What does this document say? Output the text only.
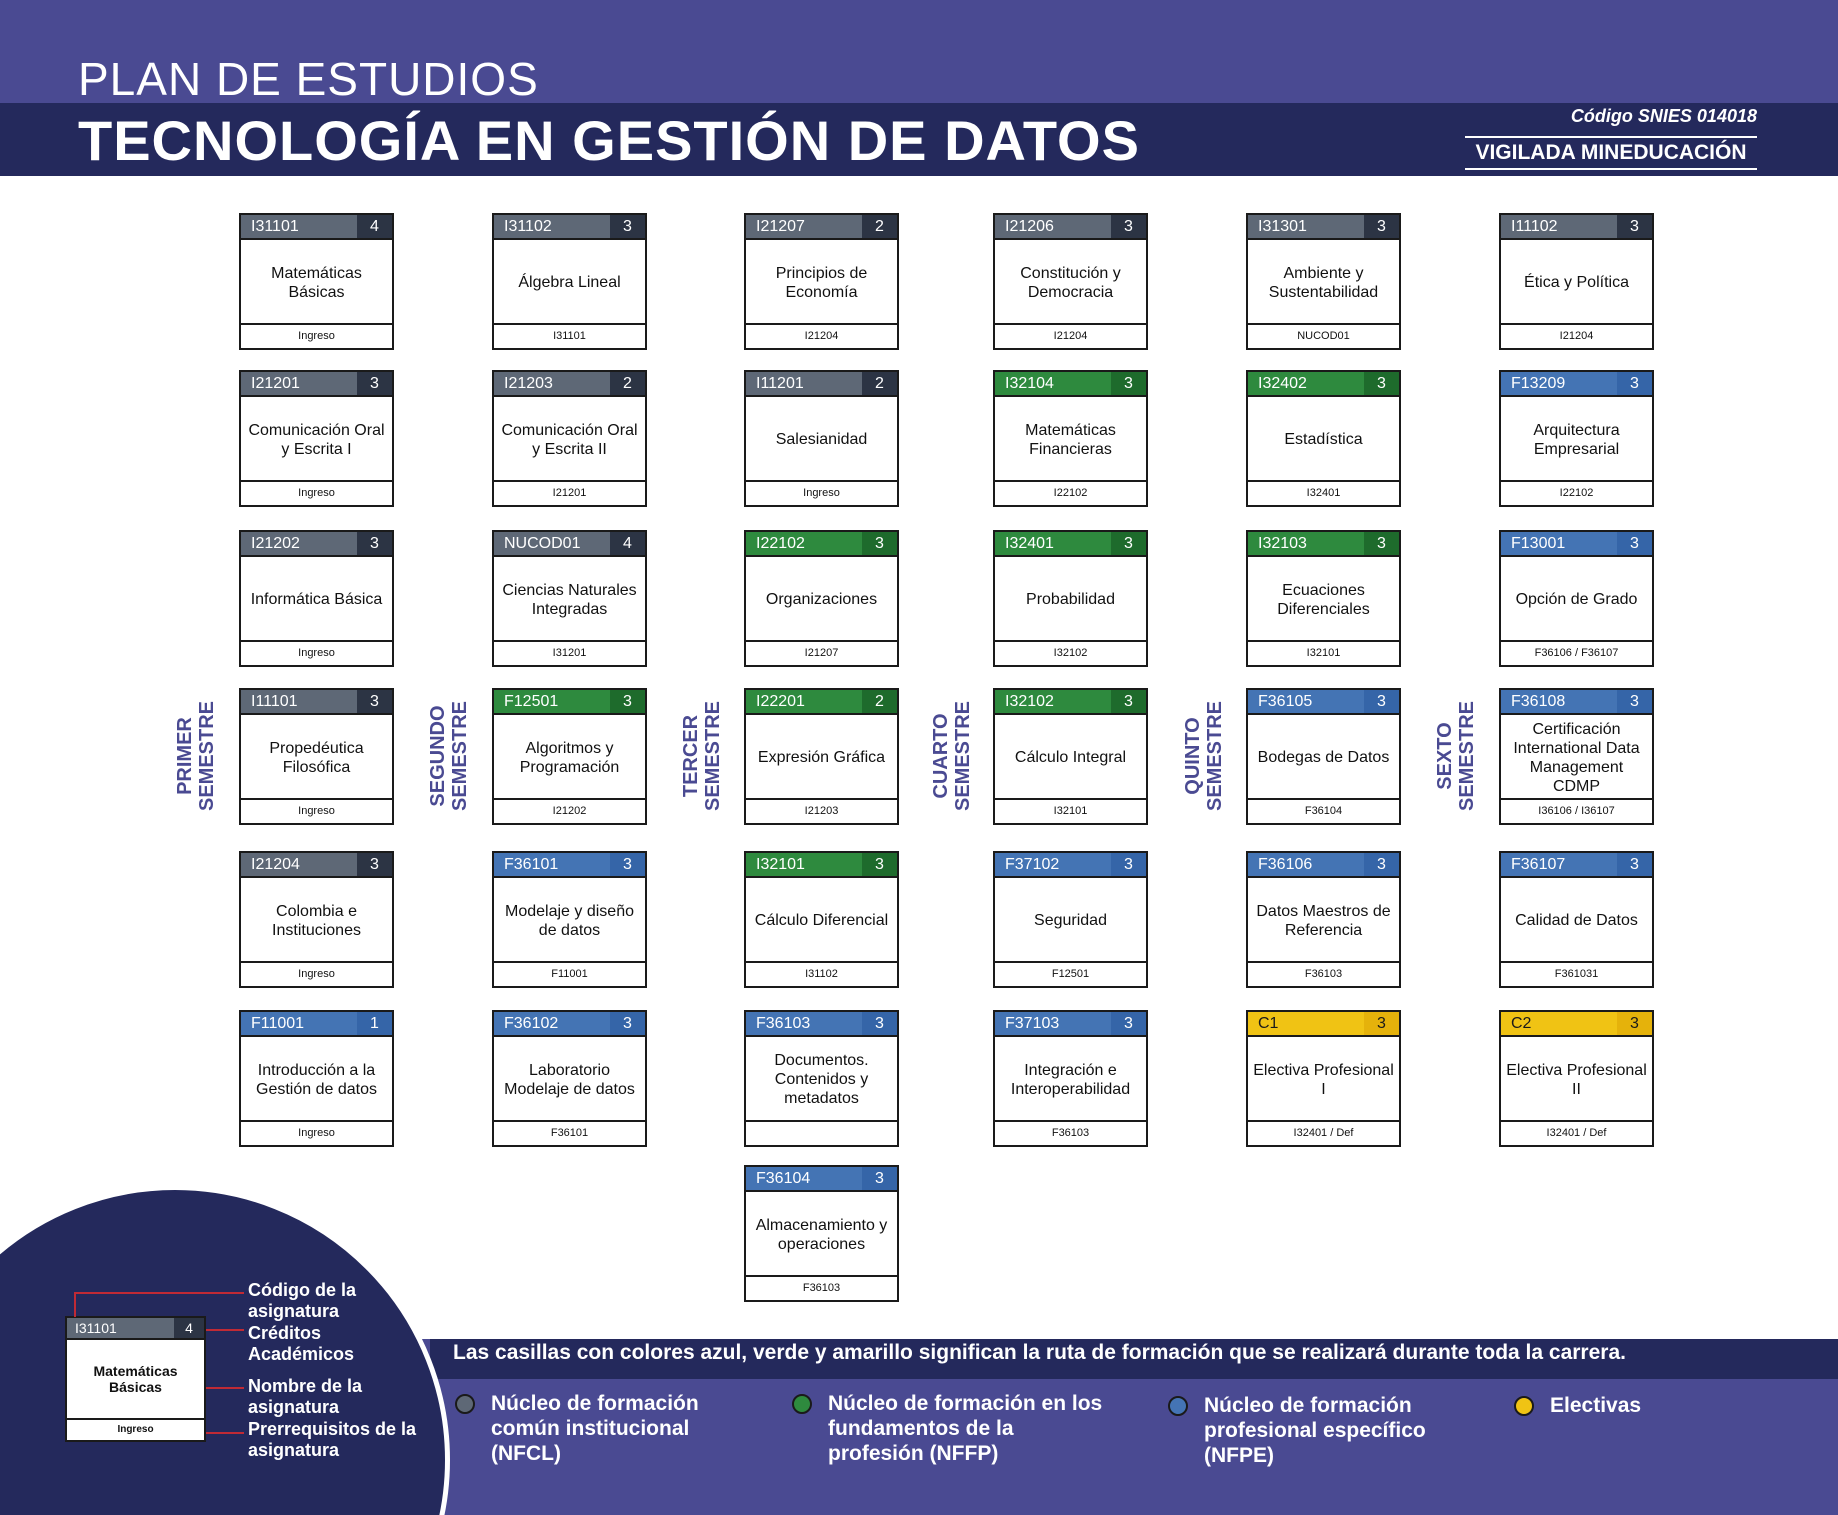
PLAN DE ESTUDIOS
TECNOLOGÍA EN GESTIÓN DE DATOS	Código SNIES 014018
VIGILADA MINEDUCACIÓN
PRIMER
SEMESTRE
I31101	4
Matemáticas Básicas
Ingreso
I21201	3
Comunicación Oral y Escrita I
Ingreso
I21202	3
Informática Básica
Ingreso
I11101	3
Propedéutica Filosófica
Ingreso
I21204	3
Colombia e Instituciones
Ingreso
F11001	1
Introducción a la Gestión de datos
Ingreso
SEGUNDO
SEMESTRE
I31102	3
Álgebra Lineal
I31101
I21203	2
Comunicación Oral y Escrita II
I21201
NUCOD01	4
Ciencias Naturales Integradas
I31201
F12501	3
Algoritmos y Programación
I21202
F36101	3
Modelaje y diseño de datos
F11001
F36102	3
Laboratorio Modelaje de datos
F36101
TERCER
SEMESTRE
I21207	2
Principios de Economía
I21204
I11201	2
Salesianidad
Ingreso
I22102	3
Organizaciones
I21207
I22201	2
Expresión Gráfica
I21203
I32101	3
Cálculo Diferencial
I31102
F36103	3
Documentos. Contenidos y metadatos
F36104	3
Almacenamiento y operaciones
F36103
CUARTO
SEMESTRE
I21206	3
Constitución y Democracia
I21204
I32104	3
Matemáticas Financieras
I22102
I32401	3
Probabilidad
I32102
I32102	3
Cálculo Integral
I32101
F37102	3
Seguridad
F12501
F37103	3
Integración e Interoperabilidad
F36103
QUINTO
SEMESTRE
I31301	3
Ambiente y Sustentabilidad
NUCOD01
I32402	3
Estadística
I32401
I32103	3
Ecuaciones Diferenciales
I32101
F36105	3
Bodegas de Datos
F36104
F36106	3
Datos Maestros de Referencia
F36103
C1	3
Electiva Profesional I
I32401 / Def
SEXTO
SEMESTRE
I11102	3
Ética y Política
I21204
F13209	3
Arquitectura Empresarial
I22102
F13001	3
Opción de Grado
F36106 / F36107
F36108	3
Certificación International Data Management CDMP
I36106 / I36107
F36107	3
Calidad de Datos
F361031
C2	3
Electiva Profesional II
I32401 / Def
Las casillas con colores azul, verde y amarillo significan la ruta de formación que se realizará durante toda la carrera.
Núcleo de formación común institucional (NFCL)
Núcleo de formación en los fundamentos de la profesión (NFFP)
Núcleo de formación profesional específico (NFPE)
Electivas
I31101	4
Matemáticas Básicas
Ingreso
Código de la asignatura
Créditos Académicos
Nombre de la asignatura
Prerrequisitos de la asignatura
